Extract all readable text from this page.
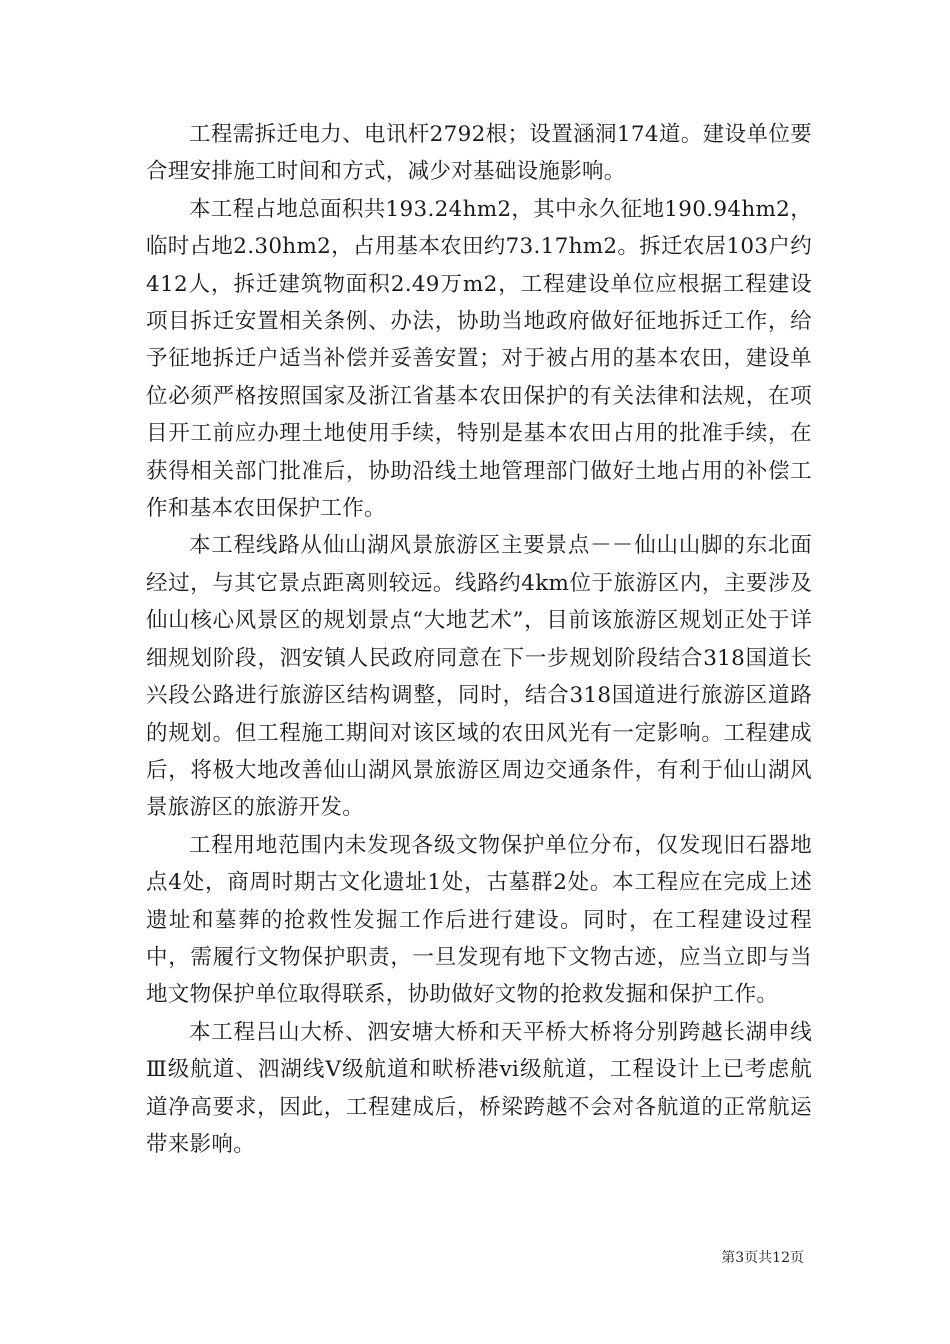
工程需拆迁电力、电讯杆2792根；设置涵洞174道。建设单位要合理安排施工时间和方式，减少对基础设施影响。

本工程占地总面积共193.24hm2，其中永久征地190.94hm2，临时占地2.30hm2，占用基本农田约73.17hm2。拆迁农居103户约412人，拆迁建筑物面积2.49万m2，工程建设单位应根据工程建设项目拆迁安置相关条例、办法，协助当地政府做好征地拆迁工作，给予征地拆迁户适当补偿并妥善安置；对于被占用的基本农田，建设单位必须严格按照国家及浙江省基本农田保护的有关法律和法规，在项目开工前应办理土地使用手续，特别是基本农田占用的批准手续，在获得相关部门批准后，协助沿线土地管理部门做好土地占用的补偿工作和基本农田保护工作。

本工程线路从仙山湖风景旅游区主要景点－－仙山山脚的东北面经过，与其它景点距离则较远。线路约4km位于旅游区内，主要涉及仙山核心风景区的规划景点“大地艺术”，目前该旅游区规划正处于详细规划阶段，泗安镇人民政府同意在下一步规划阶段结合318国道长兴段公路进行旅游区结构调整，同时，结合318国道进行旅游区道路的规划。但工程施工期间对该区域的农田风光有一定影响。工程建成后，将极大地改善仙山湖风景旅游区周边交通条件，有利于仙山湖风景旅游区的旅游开发。

工程用地范围内未发现各级文物保护单位分布，仅发现旧石器地点4处，商周时期古文化遗址1处，古墓群2处。本工程应在完成上述遗址和墓葬的抢救性发掘工作后进行建设。同时，在工程建设过程中，需履行文物保护职责，一旦发现有地下文物古迹，应当立即与当地文物保护单位取得联系，协助做好文物的抢救发掘和保护工作。

本工程吕山大桥、泗安塘大桥和天平桥大桥将分别跨越长湖申线Ⅲ级航道、泗湖线Ⅴ级航道和畎桥港vi级航道，工程设计上已考虑航道净高要求，因此，工程建成后，桥梁跨越不会对各航道的正常航运带来影响。

第3页共12页
